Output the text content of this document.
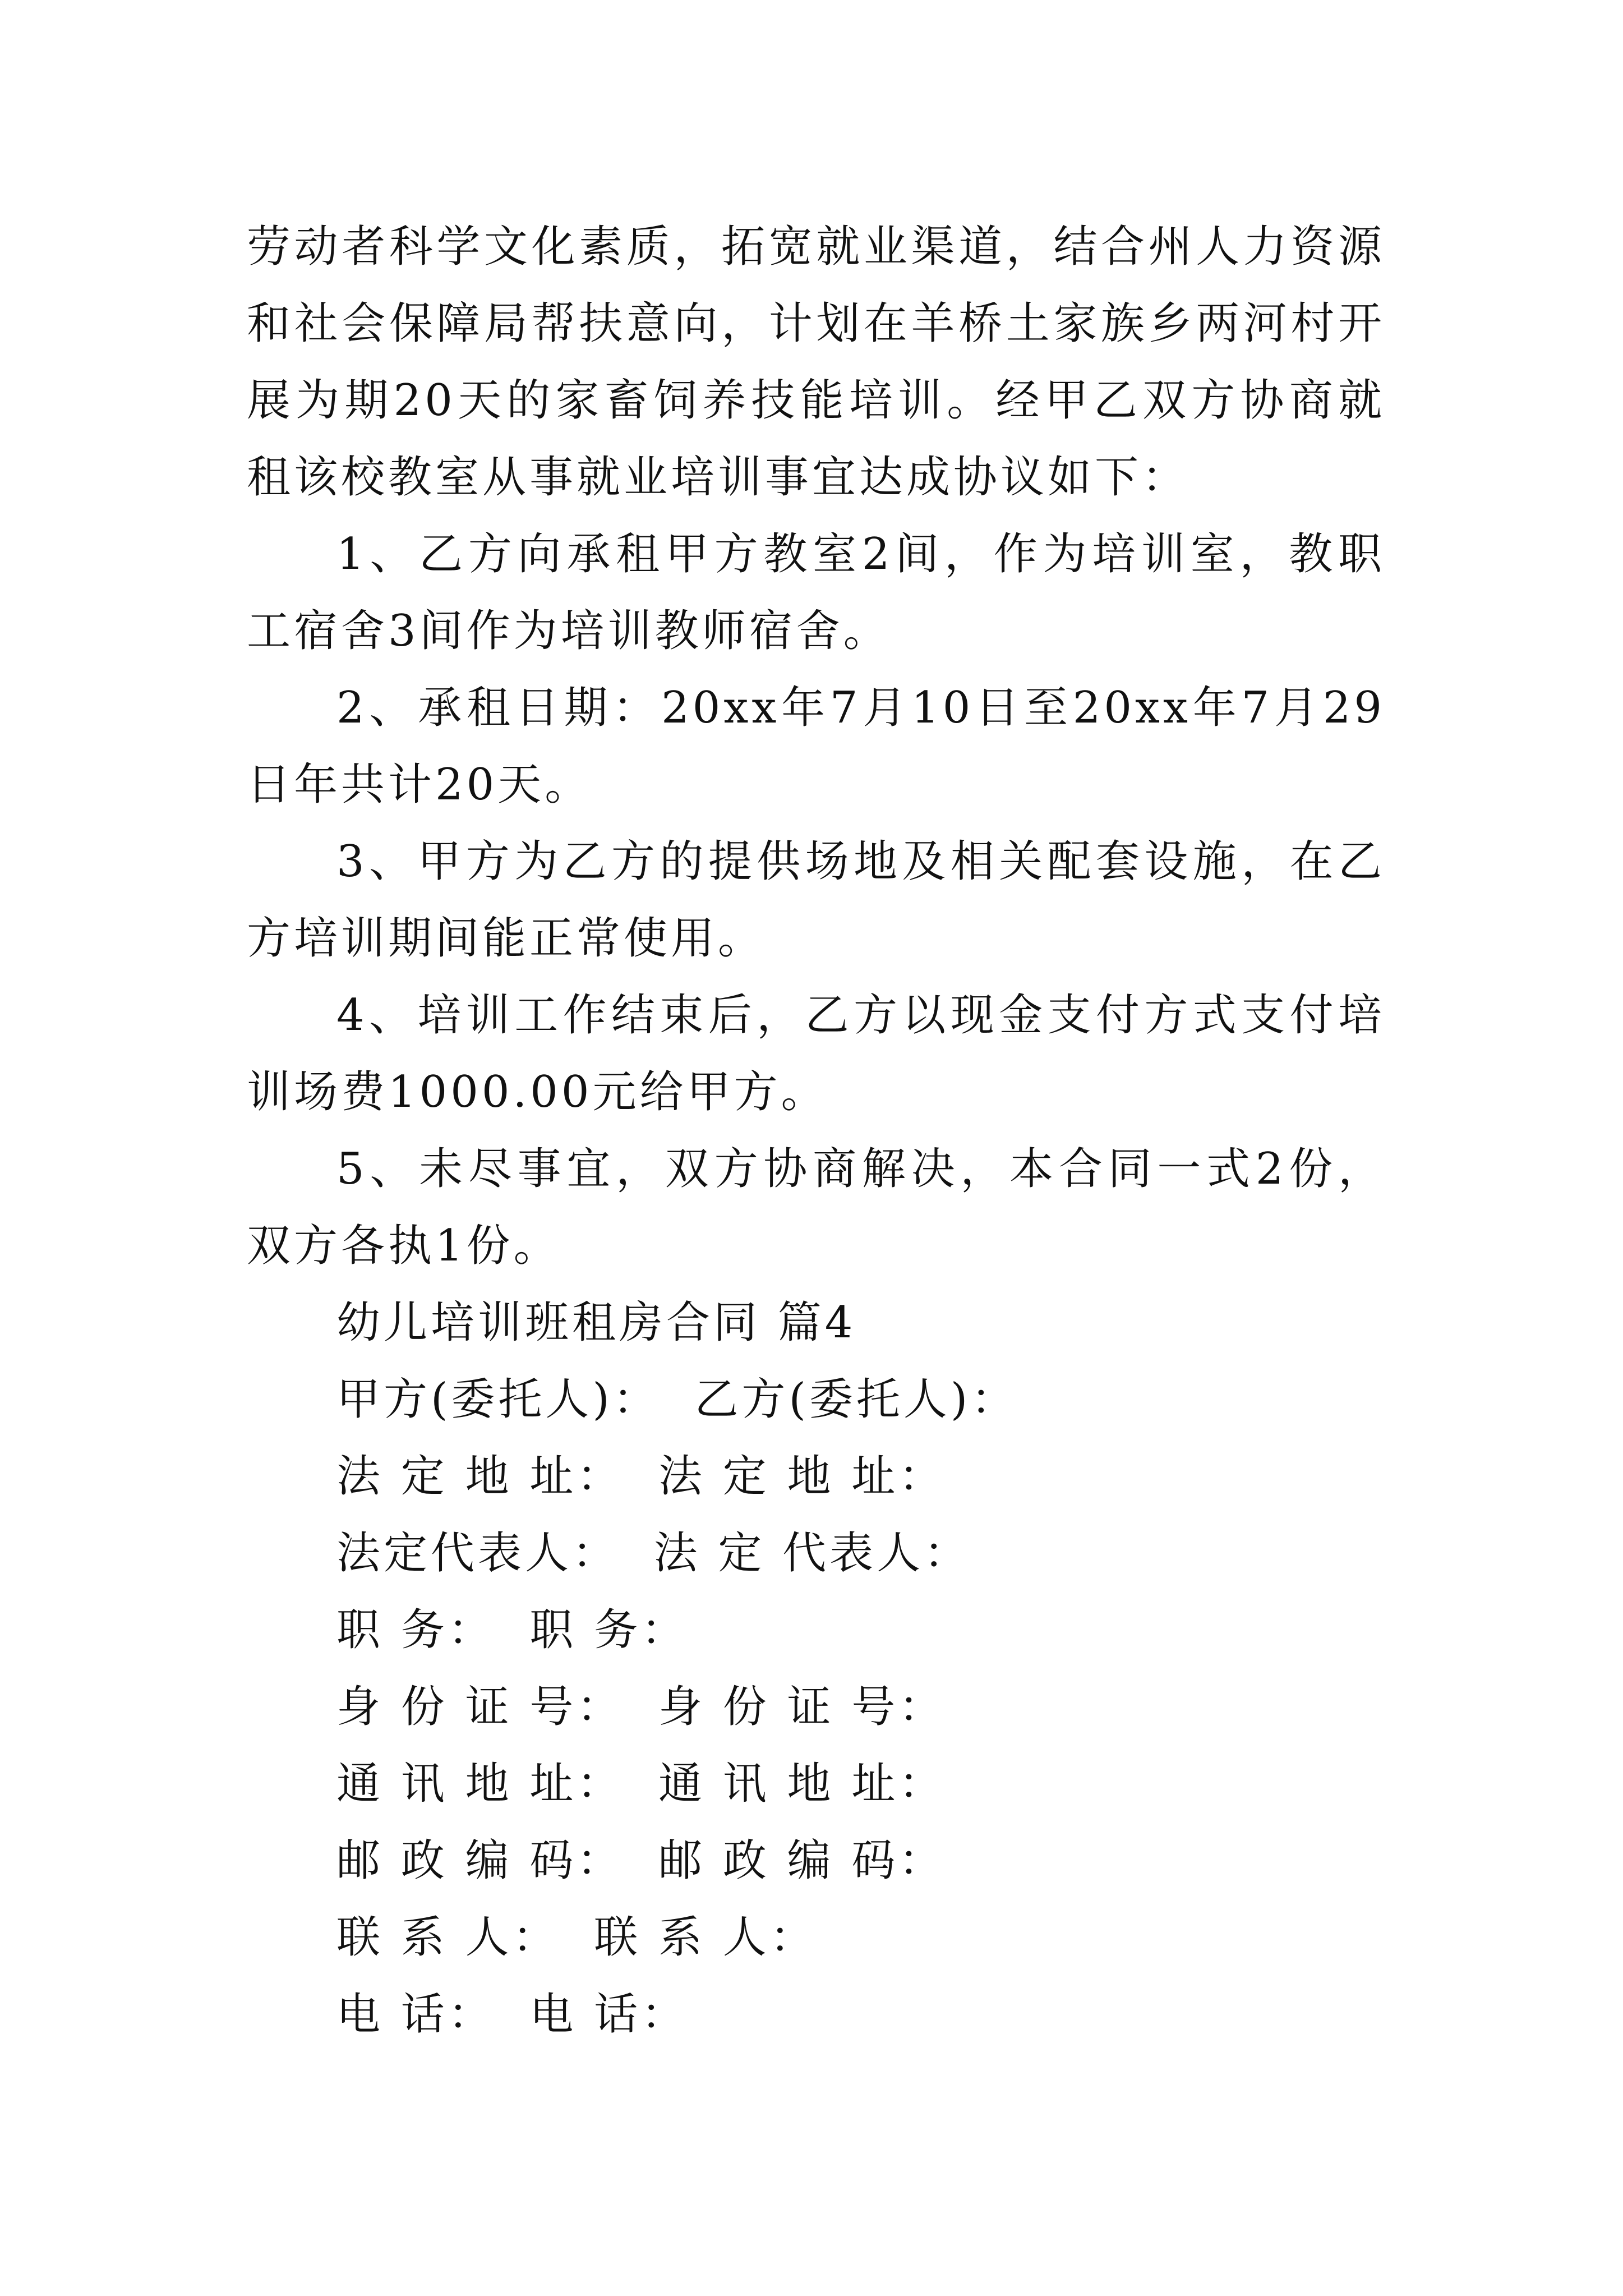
劳动者科学文化素质，拓宽就业渠道，结合州人力资源和社会保障局帮扶意向，计划在羊桥土家族乡两河村开展为期20天的家畜饲养技能培训。经甲乙双方协商就租该校教室从事就业培训事宜达成协议如下：

1、乙方向承租甲方教室2间，作为培训室，教职工宿舍3间作为培训教师宿舍。

2、承租日期：20xx年7月10日至20xx年7月29日年共计20天。

3、甲方为乙方的提供场地及相关配套设施，在乙方培训期间能正常使用。

4、培训工作结束后，乙方以现金支付方式支付培训场费1000.00元给甲方。

5、未尽事宜，双方协商解决，本合同一式2份，双方各执1份。

幼儿培训班租房合同 篇4

甲方(委托人)：  乙方(委托人)：

法 定 地 址：  法 定 地 址：

法定代表人：  法 定 代表人：

职 务：  职 务：

身 份 证 号：  身 份 证 号：

通 讯 地 址：  通 讯 地 址：

邮 政 编 码：  邮 政 编 码：

联 系 人：  联 系 人：

电 话：  电 话：
